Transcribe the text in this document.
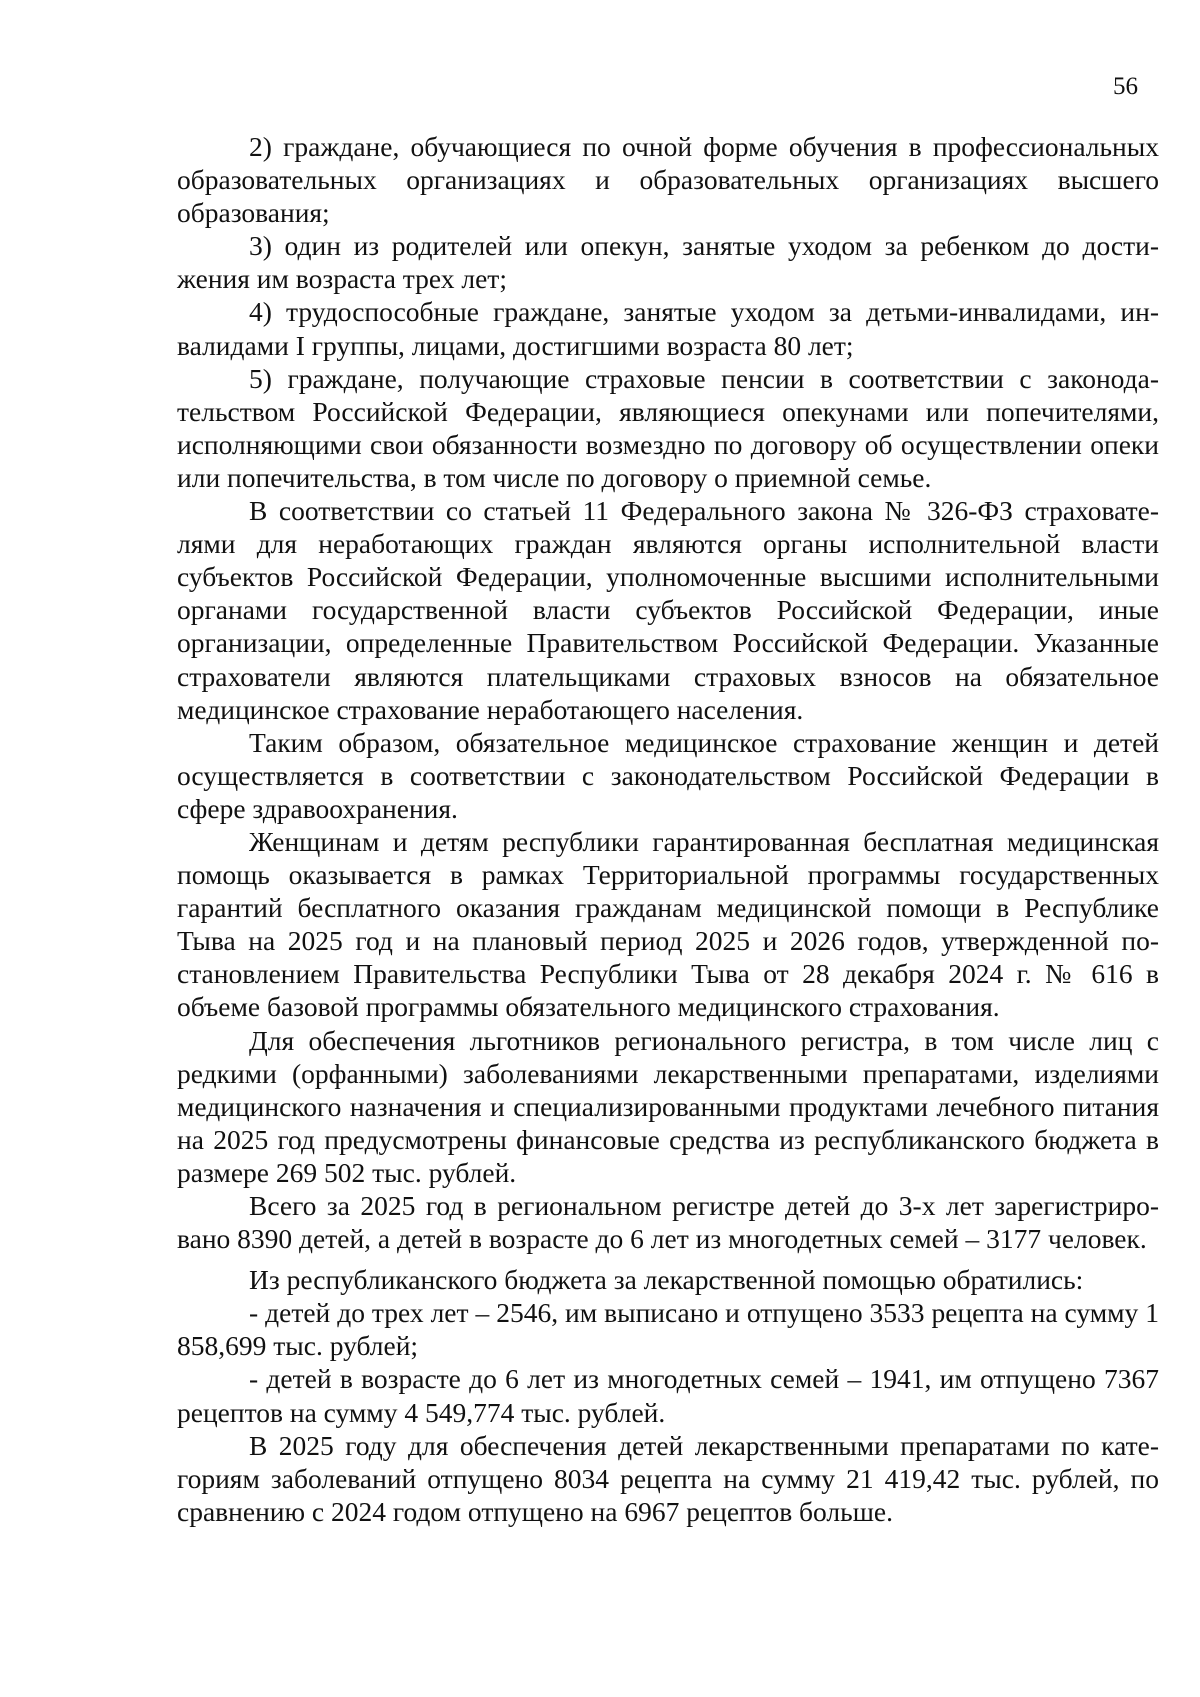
56

2) граждане, обучающиеся по очной форме обучения в профессиональных образовательных организациях и образовательных организациях высшего образования;

3) один из родителей или опекун, занятые уходом за ребенком до достижения им возраста трех лет;

4) трудоспособные граждане, занятые уходом за детьми-инвалидами, инвалидами I группы, лицами, достигшими возраста 80 лет;

5) граждане, получающие страховые пенсии в соответствии с законодательством Российской Федерации, являющиеся опекунами или попечителями, исполняющими свои обязанности возмездно по договору об осуществлении опеки или попечительства, в том числе по договору о приемной семье.

В соответствии со статьей 11 Федерального закона № 326-ФЗ страхователями для неработающих граждан являются органы исполнительной власти субъектов Российской Федерации, уполномоченные высшими исполнительными органами государственной власти субъектов Российской Федерации, иные организации, определенные Правительством Российской Федерации. Указанные страхователи являются плательщиками страховых взносов на обязательное медицинское страхование неработающего населения.

Таким образом, обязательное медицинское страхование женщин и детей осуществляется в соответствии с законодательством Российской Федерации в сфере здравоохранения.

Женщинам и детям республики гарантированная бесплатная медицинская помощь оказывается в рамках Территориальной программы государственных гарантий бесплатного оказания гражданам медицинской помощи в Республике Тыва на 2025 год и на плановый период 2025 и 2026 годов, утвержденной постановлением Правительства Республики Тыва от 28 декабря 2024 г. № 616 в объеме базовой программы обязательного медицинского страхования.

Для обеспечения льготников регионального регистра, в том числе лиц с редкими (орфанными) заболеваниями лекарственными препаратами, изделиями медицинского назначения и специализированными продуктами лечебного питания на 2025 год предусмотрены финансовые средства из республиканского бюджета в размере 269 502 тыс. рублей.

Всего за 2025 год в региональном регистре детей до 3-х лет зарегистрировано 8390 детей, а детей в возрасте до 6 лет из многодетных семей – 3177 человек.

Из республиканского бюджета за лекарственной помощью обратились:

- детей до трех лет – 2546, им выписано и отпущено 3533 рецепта на сумму 1 858,699 тыс. рублей;

- детей в возрасте до 6 лет из многодетных семей – 1941, им отпущено 7367 рецептов на сумму 4 549,774 тыс. рублей.

В 2025 году для обеспечения детей лекарственными препаратами по категориям заболеваний отпущено 8034 рецепта на сумму 21 419,42 тыс. рублей, по сравнению с 2024 годом отпущено на 6967 рецептов больше.
